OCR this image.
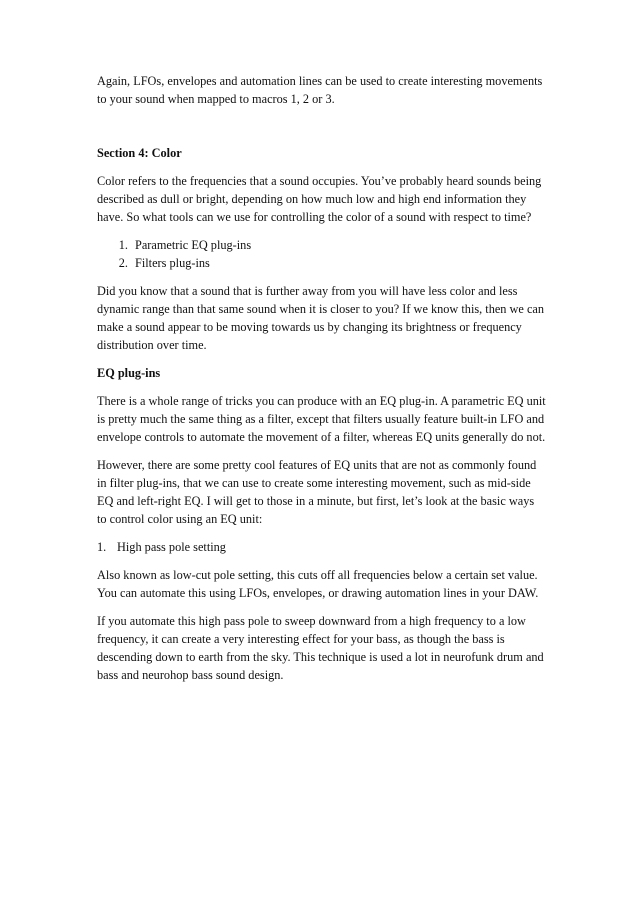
Again, LFOs, envelopes and automation lines can be used to create interesting movements to your sound when mapped to macros 1, 2 or 3.

Section 4: Color

Color refers to the frequencies that a sound occupies. You’ve probably heard sounds being described as dull or bright, depending on how much low and high end information they have. So what tools can we use for controlling the color of a sound with respect to time?

1. Parametric EQ plug-ins
2. Filters plug-ins

Did you know that a sound that is further away from you will have less color and less dynamic range than that same sound when it is closer to you? If we know this, then we can make a sound appear to be moving towards us by changing its brightness or frequency distribution over time.

EQ plug-ins

There is a whole range of tricks you can produce with an EQ plug-in. A parametric EQ unit is pretty much the same thing as a filter, except that filters usually feature built-in LFO and envelope controls to automate the movement of a filter, whereas EQ units generally do not.

However, there are some pretty cool features of EQ units that are not as commonly found in filter plug-ins, that we can use to create some interesting movement, such as mid-side EQ and left-right EQ. I will get to those in a minute, but first, let’s look at the basic ways to control color using an EQ unit:

1. High pass pole setting

Also known as low-cut pole setting, this cuts off all frequencies below a certain set value. You can automate this using LFOs, envelopes, or drawing automation lines in your DAW.

If you automate this high pass pole to sweep downward from a high frequency to a low frequency, it can create a very interesting effect for your bass, as though the bass is descending down to earth from the sky. This technique is used a lot in neurofunk drum and bass and neurohop bass sound design.
